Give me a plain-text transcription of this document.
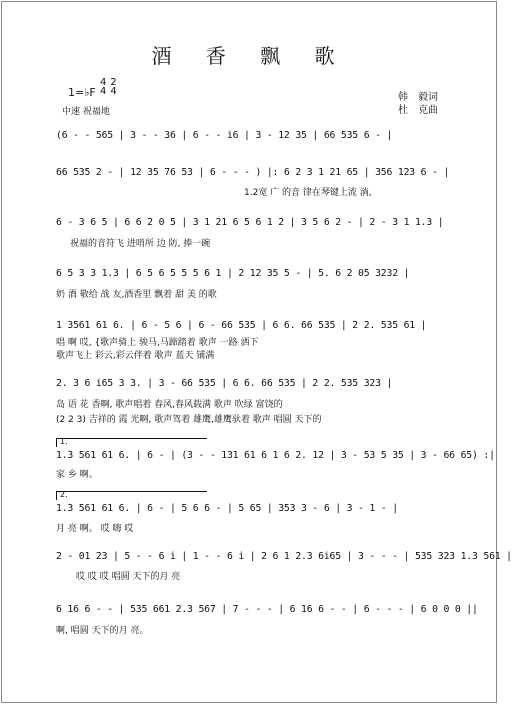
酒 香 飘 歌
1=♭F
4
4
2
4
中速 祝福地
韩　毅词
杜　克曲
(6 - - 565 | 3 - - 36 | 6 - - i6 | 3 - 12 35 | 66 535 6 - |
66 535 2 - | 12 35 76 53 | 6 - - - ) |: 6 2 3 1 21 65 | 356 123 6 - |
1.2宽 广 的音 律在琴键上流 淌,
6 - 3 6 5 | 6 6 2 0 5 | 3 1 21 6 5 6 1 2 | 3 5 6 2 - | 2 - 3 1 1.3 |
祝福的音符飞 进哨所 边 防, 捧一碗
6 5 3 3 1.3 | 6 5 6 5 5 5 6 1 | 2 12 35 5 - | 5. 6 2 05 3232 |
奶 酒 敬给 战 友,酒香里 飘着 甜 美 的歌
1 3561 61 6. | 6 - 5 6 | 6 - 66 535 | 6 6. 66 535 | 2 2. 535 61 |
唱 啊 哎, {歌声骑上 骏马,马蹄踏着 歌声 一路 洒下
歌声飞上 彩云,彩云伴着 歌声 蓝天 铺满
2. 3 6 i65 3 3. | 3 - 66 535 | 6 6. 66 535 | 2 2. 535 323 |
岛 语 花 香啊, 歌声唱着 春风,春风载满 歌声 吹绿 富饶的
(2 2 3) 吉祥的 霞 光啊, 歌声驾着 雄鹰,雄鹰驮着 歌声 唱圆 天下的
1.
1.3 561 61 6. | 6 - | (3 - - 131 61 6 1 6 2. 12 | 3 - 53 5 35 | 3 - 66 65) :|
家 乡 啊。
2.
1.3 561 61 6. | 6 - | 5 6 6 - | 5 65 | 353 3 - 6 | 3 - 1 - |
月 亮 啊。 哎 嗨 哎
2 - 01 23 | 5 - - 6 i | 1 - - 6 i | 2 6 1 2.3 6i65 | 3 - - - | 535 323 1.3 561 |
哎 哎 哎 唱圆 天下的月 亮
6 16 6 - - | 535 661 2.3 567 | 7 - - - | 6 16 6 - - | 6 - - - | 6 0 0 0 ||
啊, 唱圆 天下的月 亮。
